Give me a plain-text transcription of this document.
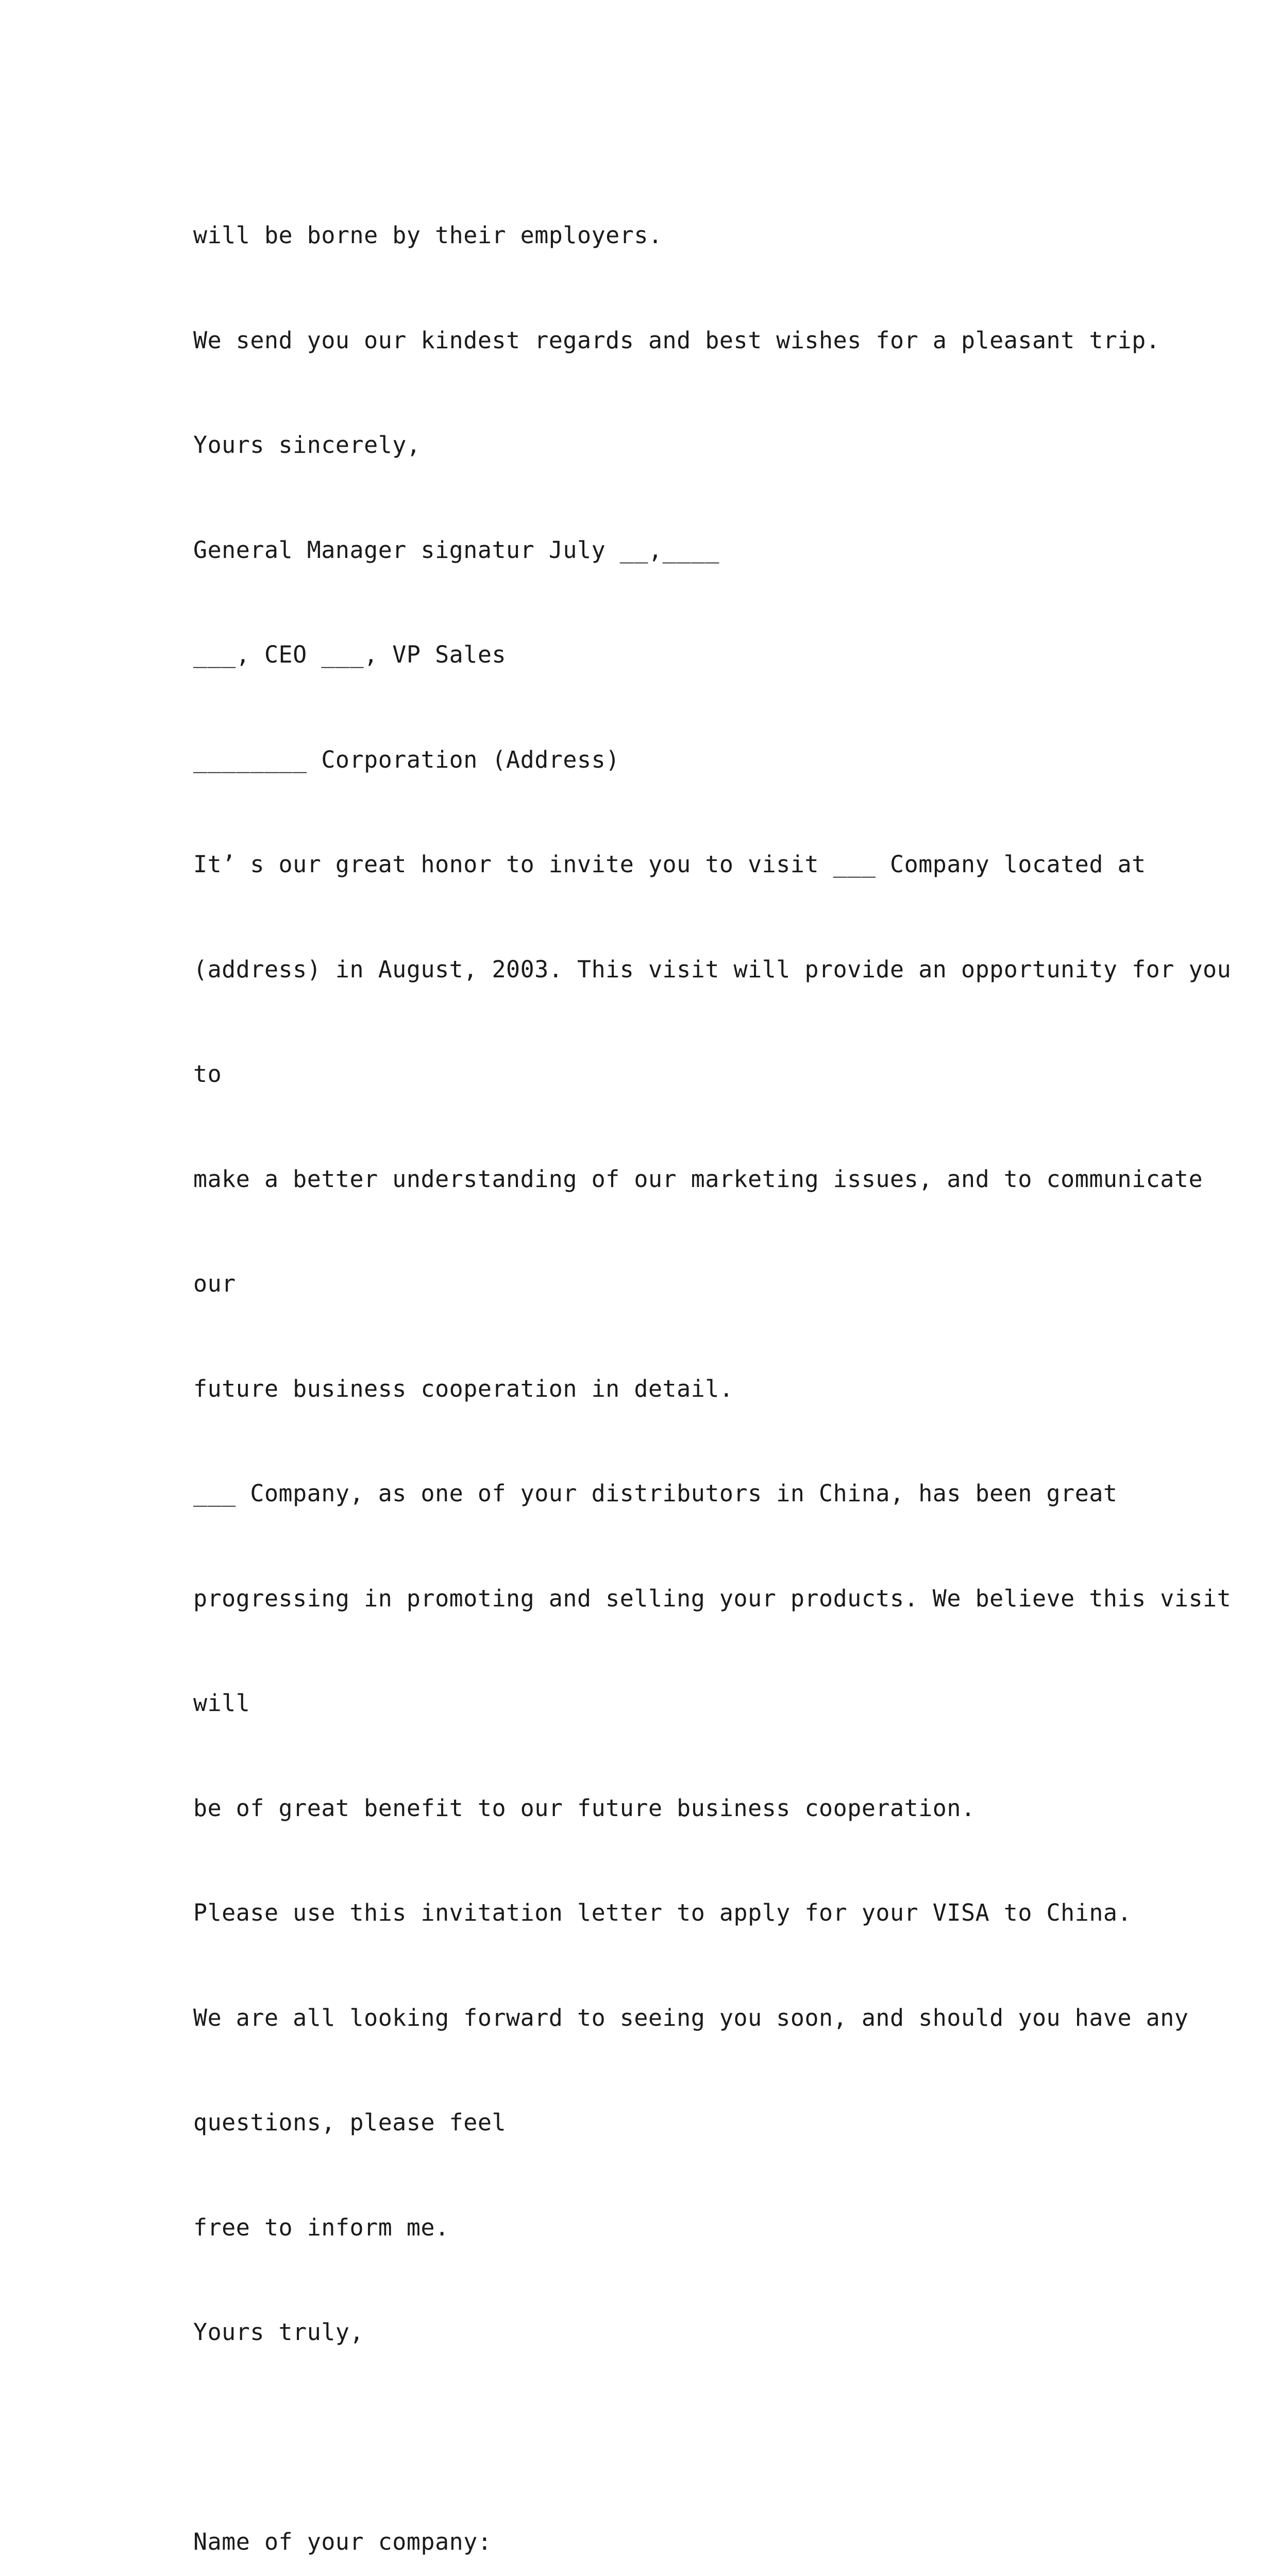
will be borne by their employers.

We send you our kindest regards and best wishes for a pleasant trip.

Yours sincerely,

General Manager signatur July __,____

___, CEO ___, VP Sales

________ Corporation (Address)

It’ s our great honor to invite you to visit ___ Company located at

(address) in August, 2003. This visit will provide an opportunity for you

to

make a better understanding of our marketing issues, and to communicate

our

future business cooperation in detail.

___ Company, as one of your distributors in China, has been great

progressing in promoting and selling your products. We believe this visit

will

be of great benefit to our future business cooperation.

Please use this invitation letter to apply for your VISA to China.

We are all looking forward to seeing you soon, and should you have any

questions, please feel

free to inform me.

Yours truly,

Name of your company:
